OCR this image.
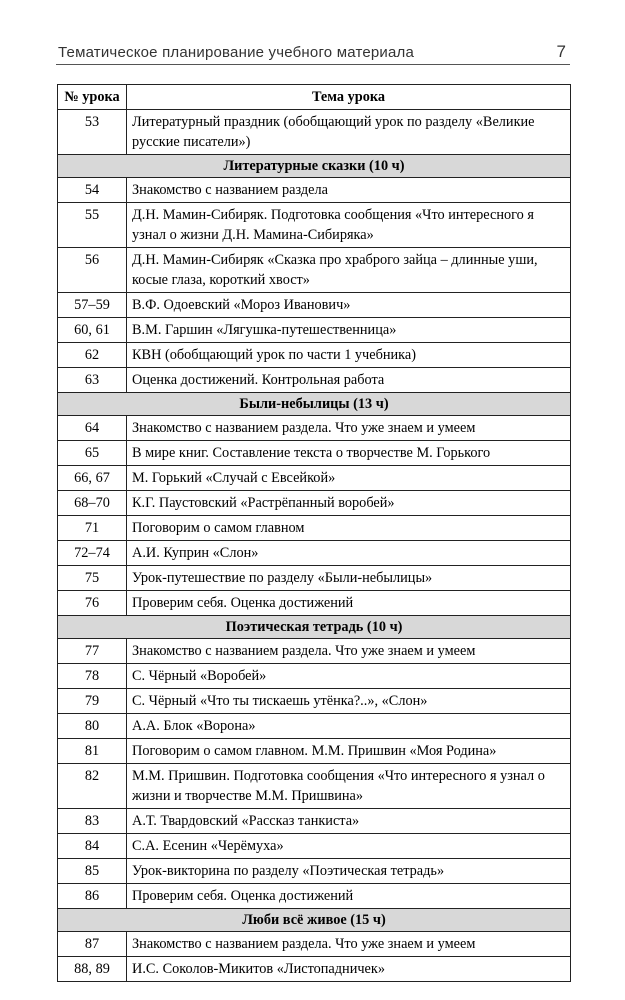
Тематическое планирование учебного материала	7
№ урока	Тема урока
53	Литературный праздник (обобщающий урок по разделу «Великие русские писатели»)
Литературные сказки (10 ч)	
54	Знакомство с названием раздела
55	Д.Н. Мамин-Сибиряк. Подготовка сообщения «Что интересного я узнал о жизни Д.Н. Мамина-Сибиряка»
56	Д.Н. Мамин-Сибиряк «Сказка про храброго зайца – длинные уши, косые глаза, короткий хвост»
57–59	В.Ф. Одоевский «Мороз Иванович»
60, 61	В.М. Гаршин «Лягушка-путешественница»
62	КВН (обобщающий урок по части 1 учебника)
63	Оценка достижений. Контрольная работа
Были-небылицы (13 ч)	
64	Знакомство с названием раздела. Что уже знаем и умеем
65	В мире книг. Составление текста о творчестве М. Горького
66, 67	М. Горький «Случай с Евсейкой»
68–70	К.Г. Паустовский «Растрёпанный воробей»
71	Поговорим о самом главном
72–74	А.И. Куприн «Слон»
75	Урок-путешествие по разделу «Были-небылицы»
76	Проверим себя. Оценка достижений
Поэтическая тетрадь (10 ч)	
77	Знакомство с названием раздела. Что уже знаем и умеем
78	С. Чёрный «Воробей»
79	С. Чёрный «Что ты тискаешь утёнка?..», «Слон»
80	А.А. Блок «Ворона»
81	Поговорим о самом главном. М.М. Пришвин «Моя Родина»
82	М.М. Пришвин. Подготовка сообщения «Что интересного я узнал о жизни и творчестве М.М. Пришвина»
83	А.Т. Твардовский «Рассказ танкиста»
84	С.А. Есенин «Черёмуха»
85	Урок-викторина по разделу «Поэтическая тетрадь»
86	Проверим себя. Оценка достижений
Люби всё живое (15 ч)	
87	Знакомство с названием раздела. Что уже знаем и умеем
88, 89	И.С. Соколов-Микитов «Листопадничек»
